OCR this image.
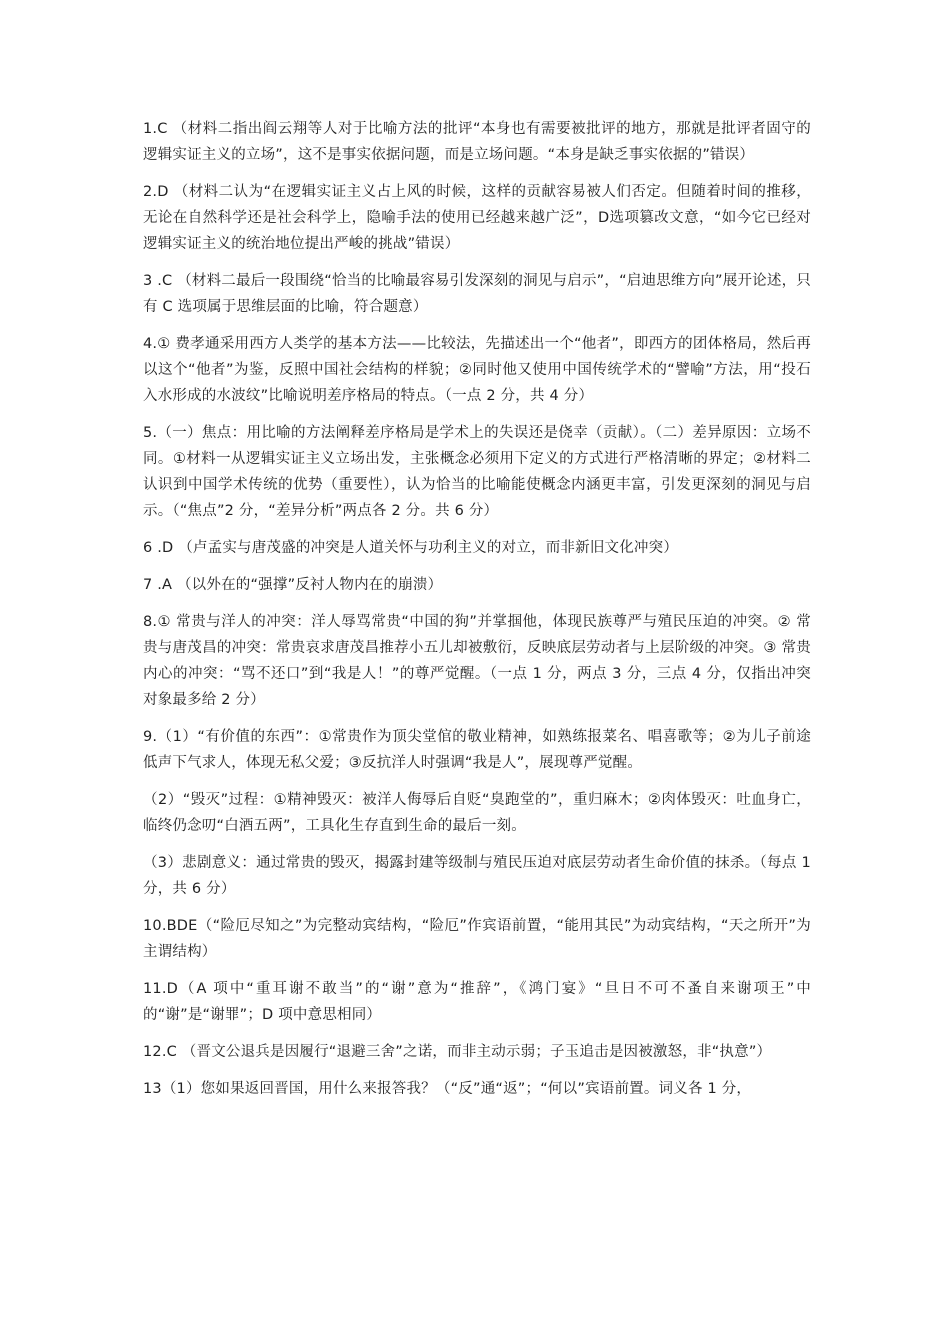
1.C （材料二指出阎云翔等人对于比喻方法的批评“本身也有需要被批评的地方，那就是批评者固守的逻辑实证主义的立场”，这不是事实依据问题，而是立场问题。“本身是缺乏事实依据的”错误）

2.D （材料二认为“在逻辑实证主义占上风的时候，这样的贡献容易被人们否定。但随着时间的推移，无论在自然科学还是社会科学上，隐喻手法的使用已经越来越广泛”，D选项篡改文意，“如今它已经对逻辑实证主义的统治地位提出严峻的挑战”错误）

3 .C （材料二最后一段围绕“恰当的比喻最容易引发深刻的洞见与启示”，“启迪思维方向”展开论述，只有 C 选项属于思维层面的比喻，符合题意）

4.① 费孝通采用西方人类学的基本方法——比较法，先描述出一个“他者”，即西方的团体格局，然后再以这个“他者”为鉴，反照中国社会结构的样貌；②同时他又使用中国传统学术的“譬喻”方法，用“投石入水形成的水波纹”比喻说明差序格局的特点。（一点 2 分，共 4 分）

5.（一）焦点：用比喻的方法阐释差序格局是学术上的失误还是侥幸（贡献）。（二）差异原因：立场不同。①材料一从逻辑实证主义立场出发，主张概念必须用下定义的方式进行严格清晰的界定；②材料二认识到中国学术传统的优势（重要性），认为恰当的比喻能使概念内涵更丰富，引发更深刻的洞见与启示。（“焦点”2 分，“差异分析”两点各 2 分。共 6 分）

6 .D （卢孟实与唐茂盛的冲突是人道关怀与功利主义的对立，而非新旧文化冲突）

7 .A （以外在的“强撑”反衬人物内在的崩溃）

8.① 常贵与洋人的冲突：洋人辱骂常贵“中国的狗”并掌掴他，体现民族尊严与殖民压迫的冲突。② 常贵与唐茂昌的冲突：常贵哀求唐茂昌推荐小五儿却被敷衍，反映底层劳动者与上层阶级的冲突。③ 常贵内心的冲突：“骂不还口”到“我是人！”的尊严觉醒。（一点 1 分，两点 3 分，三点 4 分，仅指出冲突对象最多给 2 分）

9.（1）“有价值的东西”：①常贵作为顶尖堂倌的敬业精神，如熟练报菜名、唱喜歌等；②为儿子前途低声下气求人，体现无私父爱；③反抗洋人时强调“我是人”，展现尊严觉醒。

（2）“毁灭”过程：①精神毁灭：被洋人侮辱后自贬“臭跑堂的”，重归麻木；②肉体毁灭：吐血身亡，临终仍念叨“白酒五两”，工具化生存直到生命的最后一刻。

（3）悲剧意义：通过常贵的毁灭，揭露封建等级制与殖民压迫对底层劳动者生命价值的抹杀。（每点 1 分，共 6 分）

10.BDE（“险厄尽知之”为完整动宾结构，“险厄”作宾语前置，“能用其民”为动宾结构，“天之所开”为主谓结构）

11.D（A 项中“重耳谢不敢当”的“谢”意为“推辞”，《鸿门宴》“旦日不可不蚤自来谢项王”中的“谢”是“谢罪”；D 项中意思相同）

12.C （晋文公退兵是因履行“退避三舍”之诺，而非主动示弱；子玉追击是因被激怒，非“执意”）

13（1）您如果返回晋国，用什么来报答我？（“反”通“返”；“何以”宾语前置。词义各 1 分，
